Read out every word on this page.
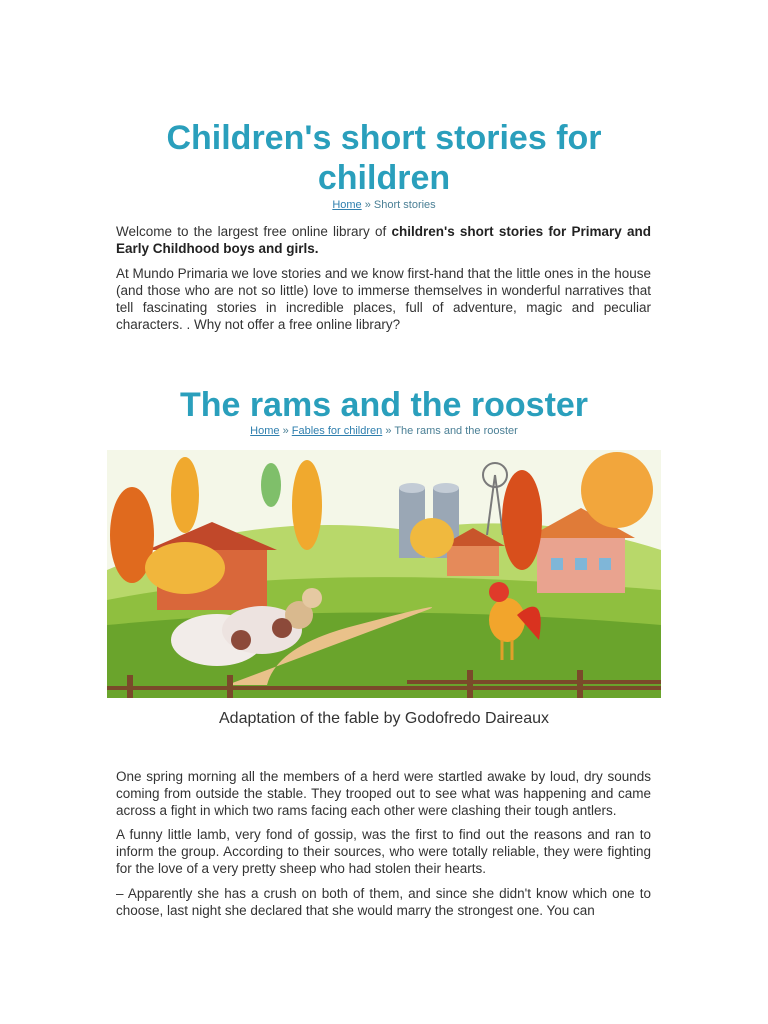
Children's short stories for children
Home » Short stories

Welcome to the largest free online library of children's short stories for Primary and Early Childhood boys and girls.

At Mundo Primaria we love stories and we know first-hand that the little ones in the house (and those who are not so little) love to immerse themselves in wonderful narratives that tell fascinating stories in incredible places, full of adventure, magic and peculiar characters. . Why not offer a free online library?

The rams and the rooster
Home » Fables for children » The rams and the rooster
Adaptation of the fable by Godofredo Daireaux

One spring morning all the members of a herd were startled awake by loud, dry sounds coming from outside the stable. They trooped out to see what was happening and came across a fight in which two rams facing each other were clashing their tough antlers.

A funny little lamb, very fond of gossip, was the first to find out the reasons and ran to inform the group. According to their sources, who were totally reliable, they were fighting for the love of a very pretty sheep who had stolen their hearts.

– Apparently she has a crush on both of them, and since she didn't know which one to choose, last night she declared that she would marry the strongest one. You can
